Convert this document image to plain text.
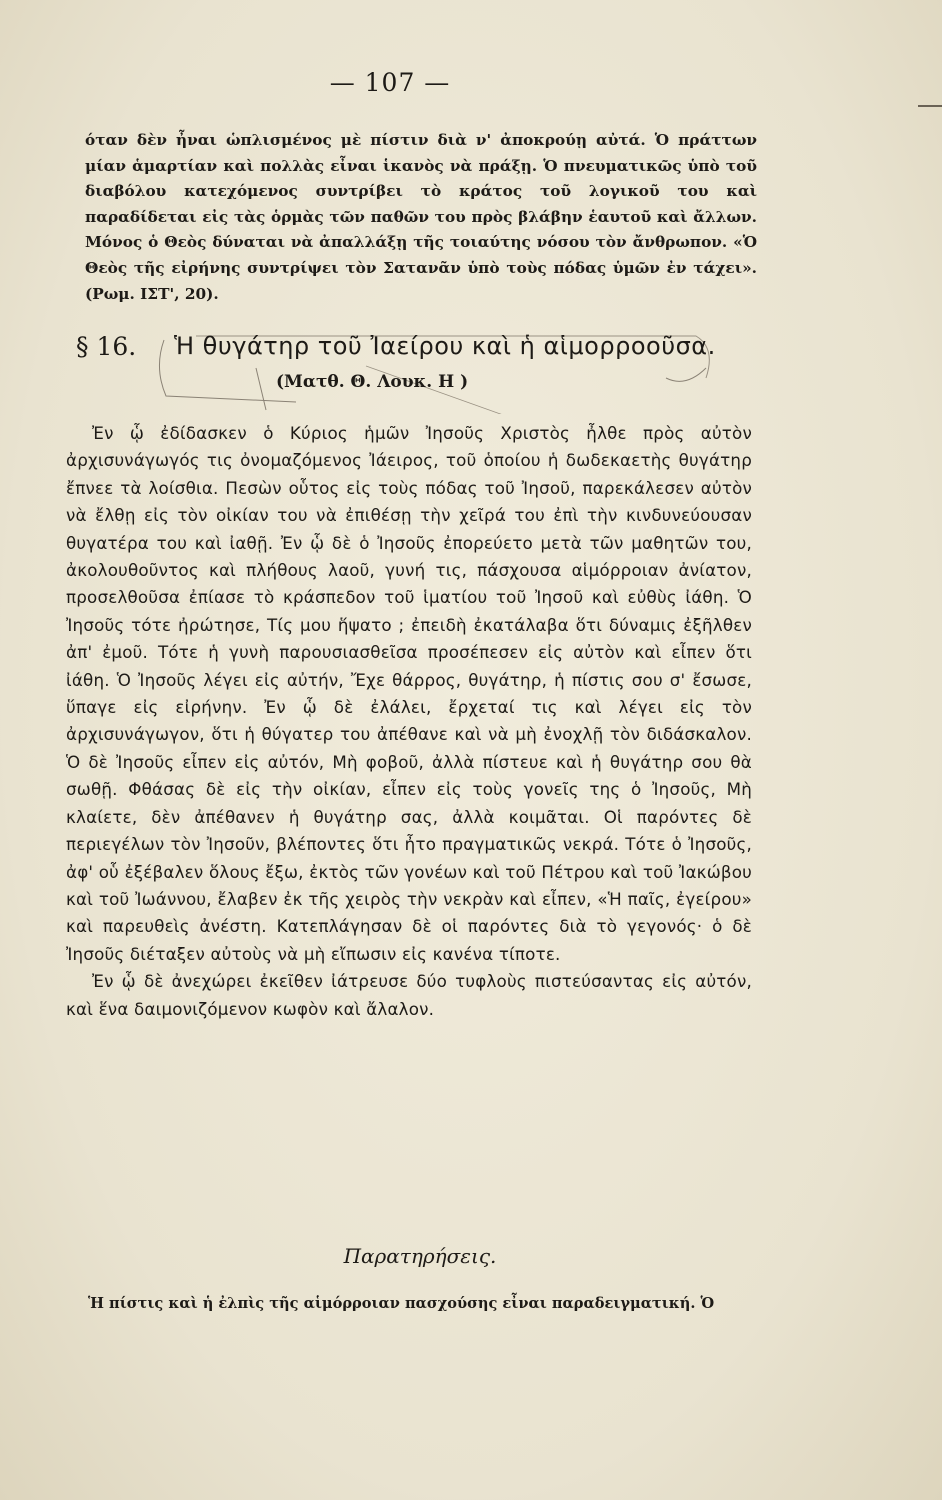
— 107 —

όταν δὲν ἦναι ὡπλισμένος μὲ πίστιν διὰ ν' ἀποκρούῃ αὐτά. Ὁ πράττων μίαν ἁμαρτίαν καὶ πολλὰς εἶναι ἱκανὸς νὰ πράξῃ. Ὁ πνευματικῶς ὑπὸ τοῦ διαβόλου κατεχόμενος συντρίβει τὸ κράτος τοῦ λογικοῦ του καὶ παραδίδεται εἰς τὰς ὁρμὰς τῶν παθῶν του πρὸς βλάβην ἑαυτοῦ καὶ ἄλλων. Μόνος ὁ Θεὸς δύναται νὰ ἀπαλλάξῃ τῆς τοιαύτης νόσου τὸν ἄνθρωπον. «Ὁ Θεὸς τῆς εἰρήνης συντρίψει τὸν Σατανᾶν ὑπὸ τοὺς πόδας ὑμῶν ἐν τάχει». (Ρωμ. ΙΣΤ', 20).

§ 16. Ἡ θυγάτηρ τοῦ Ἰαείρου καὶ ἡ αἱμορροοῦσα.
(Ματθ. Θ. Λουκ. Η )

Ἐν ᾧ ἐδίδασκεν ὁ Κύριος ἡμῶν Ἰησοῦς Χριστὸς ἦλθε πρὸς αὐτὸν ἀρχισυνάγωγός τις ὀνομαζόμενος Ἰάειρος, τοῦ ὁποίου ἡ δωδεκαετὴς θυγάτηρ ἔπνεε τὰ λοίσθια. Πεσὼν οὗτος εἰς τοὺς πόδας τοῦ Ἰησοῦ, παρεκάλεσεν αὐτὸν νὰ ἔλθῃ εἰς τὸν οἰκίαν του νὰ ἐπιθέσῃ τὴν χεῖρά του ἐπὶ τὴν κινδυνεύουσαν θυγατέρα του καὶ ἰαθῇ. Ἐν ᾧ δὲ ὁ Ἰησοῦς ἐπορεύετο μετὰ τῶν μαθητῶν του, ἀκολουθοῦντος καὶ πλήθους λαοῦ, γυνή τις, πάσχουσα αἱμόρροιαν ἀνίατον, προσελθοῦσα ἐπίασε τὸ κράσπεδον τοῦ ἱματίου τοῦ Ἰησοῦ καὶ εὐθὺς ἰάθη. Ὁ Ἰησοῦς τότε ἠρώτησε, Τίς μου ἥψατο ; ἐπειδὴ ἐκατάλαβα ὅτι δύναμις ἐξῆλθεν ἀπ' ἐμοῦ. Τότε ἡ γυνὴ παρουσιασθεῖσα προσέπεσεν εἰς αὐτὸν καὶ εἶπεν ὅτι ἰάθη. Ὁ Ἰησοῦς λέγει εἰς αὐτήν, Ἔχε θάρρος, θυγάτηρ, ἡ πίστις σου σ' ἔσωσε, ὕπαγε εἰς εἰρήνην. Ἐν ᾧ δὲ ἐλάλει, ἔρχεταί τις καὶ λέγει εἰς τὸν ἀρχισυνάγωγον, ὅτι ἡ θύγατερ του ἀπέθανε καὶ νὰ μὴ ἐνοχλῇ τὸν διδάσκαλον. Ὁ δὲ Ἰησοῦς εἶπεν εἰς αὐτόν, Μὴ φοβοῦ, ἀλλὰ πίστευε καὶ ἡ θυγάτηρ σου θὰ σωθῇ. Φθάσας δὲ εἰς τὴν οἰκίαν, εἶπεν εἰς τοὺς γονεῖς της ὁ Ἰησοῦς, Μὴ κλαίετε, δὲν ἀπέθανεν ἡ θυγάτηρ σας, ἀλλὰ κοιμᾶται. Οἱ παρόντες δὲ περιεγέλων τὸν Ἰησοῦν, βλέποντες ὅτι ἦτο πραγματικῶς νεκρά. Τότε ὁ Ἰησοῦς, ἀφ' οὗ ἐξέβαλεν ὅλους ἔξω, ἐκτὸς τῶν γονέων καὶ τοῦ Πέτρου καὶ τοῦ Ἰακώβου καὶ τοῦ Ἰωάννου, ἔλαβεν ἐκ τῆς χειρὸς τὴν νεκρὰν καὶ εἶπεν, «Ἡ παῖς, ἐγείρου» καὶ παρευθεὶς ἀνέστη. Κατεπλάγησαν δὲ οἱ παρόντες διὰ τὸ γεγονός· ὁ δὲ Ἰησοῦς διέταξεν αὐτοὺς νὰ μὴ εἴπωσιν εἰς κανένα τίποτε.

Ἐν ᾧ δὲ ἀνεχώρει ἐκεῖθεν ἰάτρευσε δύο τυφλοὺς πιστεύσαντας εἰς αὐτόν, καὶ ἕνα δαιμονιζόμενον κωφὸν καὶ ἄλαλον.

Παρατηρήσεις.
Ἡ πίστις καὶ ἡ ἐλπὶς τῆς αἱμόρροιαν πασχούσης εἶναι παραδειγματική. Ὁ
